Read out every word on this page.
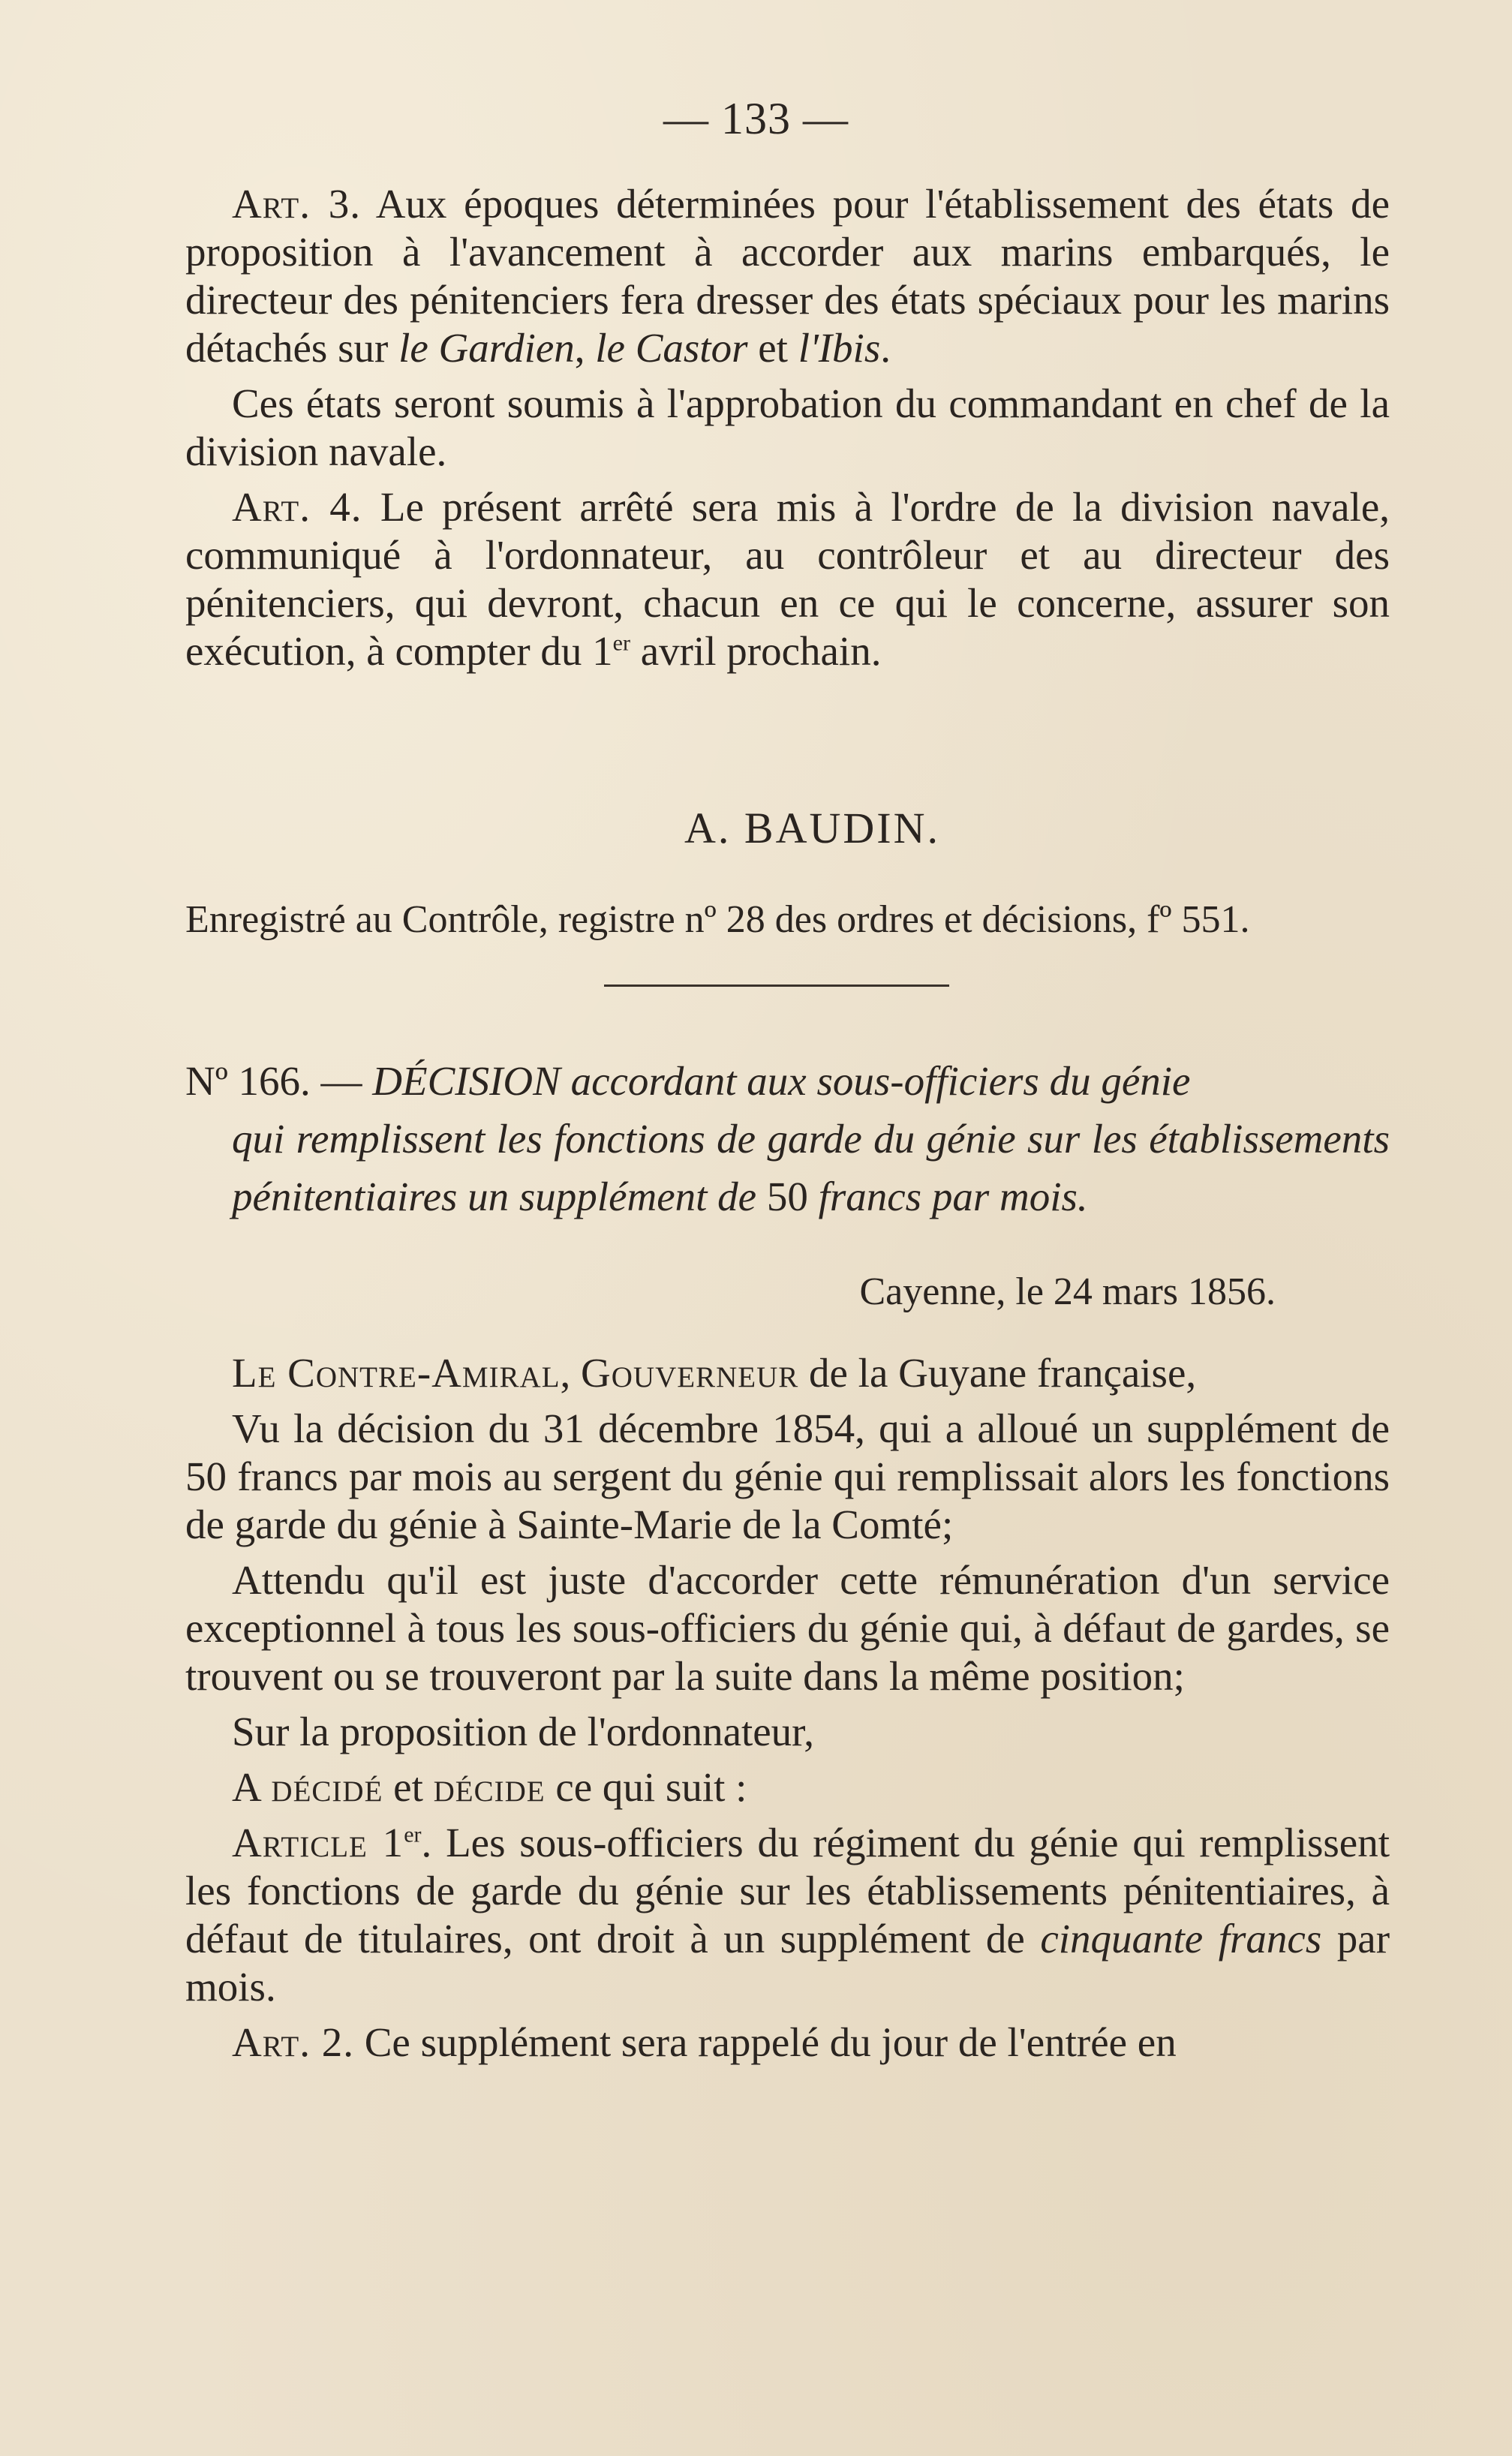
— 133 —

Art. 3. Aux époques déterminées pour l'établissement des états de proposition à l'avancement à accorder aux marins embarqués, le directeur des pénitenciers fera dresser des états spéciaux pour les marins détachés sur le Gardien, le Castor et l'Ibis.

Ces états seront soumis à l'approbation du commandant en chef de la division navale.

Art. 4. Le présent arrêté sera mis à l'ordre de la division navale, communiqué à l'ordonnateur, au contrôleur et au directeur des pénitenciers, qui devront, chacun en ce qui le concerne, assurer son exécution, à compter du 1er avril prochain.

A. BAUDIN.
Enregistré au Contrôle, registre nº 28 des ordres et décisions, fº 551.
Nº 166. — DÉCISION accordant aux sous-officiers du génie
qui remplissent les fonctions de garde du génie sur les établissements pénitentiaires un supplément de 50 francs par mois.
Cayenne, le 24 mars 1856.

Le Contre-Amiral, Gouverneur de la Guyane française,

Vu la décision du 31 décembre 1854, qui a alloué un supplément de 50 francs par mois au sergent du génie qui remplissait alors les fonctions de garde du génie à Sainte-Marie de la Comté;

Attendu qu'il est juste d'accorder cette rémunération d'un service exceptionnel à tous les sous-officiers du génie qui, à défaut de gardes, se trouvent ou se trouveront par la suite dans la même position;

Sur la proposition de l'ordonnateur,

A décidé et décide ce qui suit :

Article 1er. Les sous-officiers du régiment du génie qui remplissent les fonctions de garde du génie sur les établissements pénitentiaires, à défaut de titulaires, ont droit à un supplément de cinquante francs par mois.

Art. 2. Ce supplément sera rappelé du jour de l'entrée en
